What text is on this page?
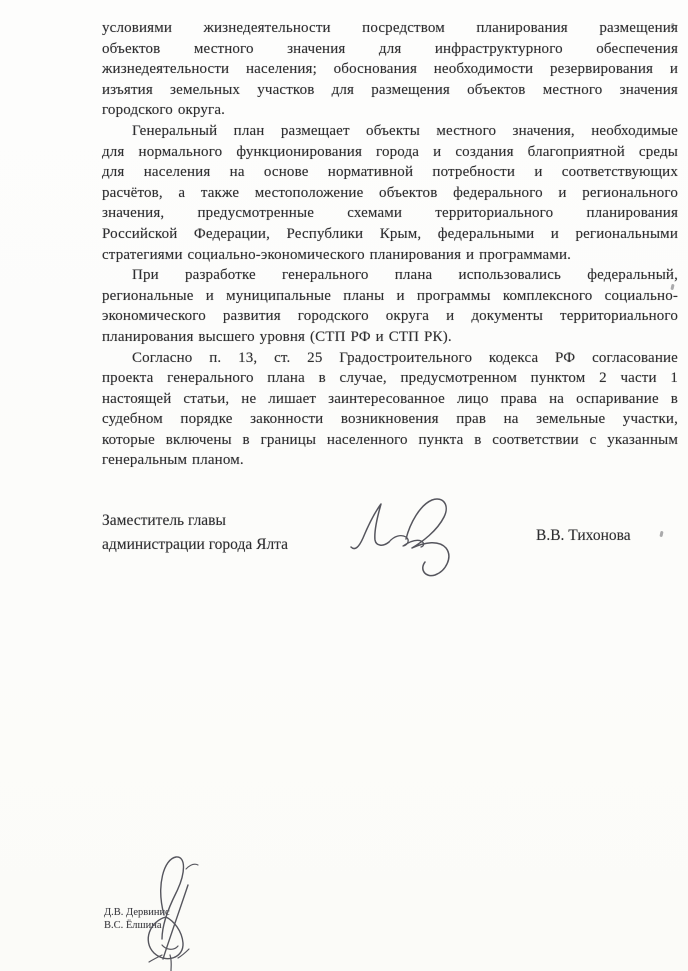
условиями жизнедеятельности посредством планирования размещения
объектов местного значения для инфраструктурного обеспечения
жизнедеятельности населения; обоснования необходимости резервирования и
изъятия земельных участков для размещения объектов местного значения
городского округа.
Генеральный план размещает объекты местного значения, необходимые
для нормального функционирования города и создания благоприятной среды
для населения на основе нормативной потребности и соответствующих
расчётов, а также местоположение объектов федерального и регионального
значения, предусмотренные схемами территориального планирования
Российской Федерации, Республики Крым, федеральными и региональными
стратегиями социально-экономического планирования и программами.
При разработке генерального плана использовались федеральный,
региональные и муниципальные планы и программы комплексного социально-
экономического развития городского округа и документы территориального
планирования высшего уровня (СТП РФ и СТП РК).
Согласно п. 13, ст. 25 Градостроительного кодекса РФ согласование
проекта генерального плана в случае, предусмотренном пунктом 2 части 1
настоящей статьи, не лишает заинтересованное лицо права на оспаривание в
судебном порядке законности возникновения прав на земельные участки,
которые включены в границы населенного пункта в соответствии с указанным
генеральным планом.
Заместитель главы
администрации города Ялта	В.В. Тихонова
Д.В. Дервинис
В.С. Ёлшина
